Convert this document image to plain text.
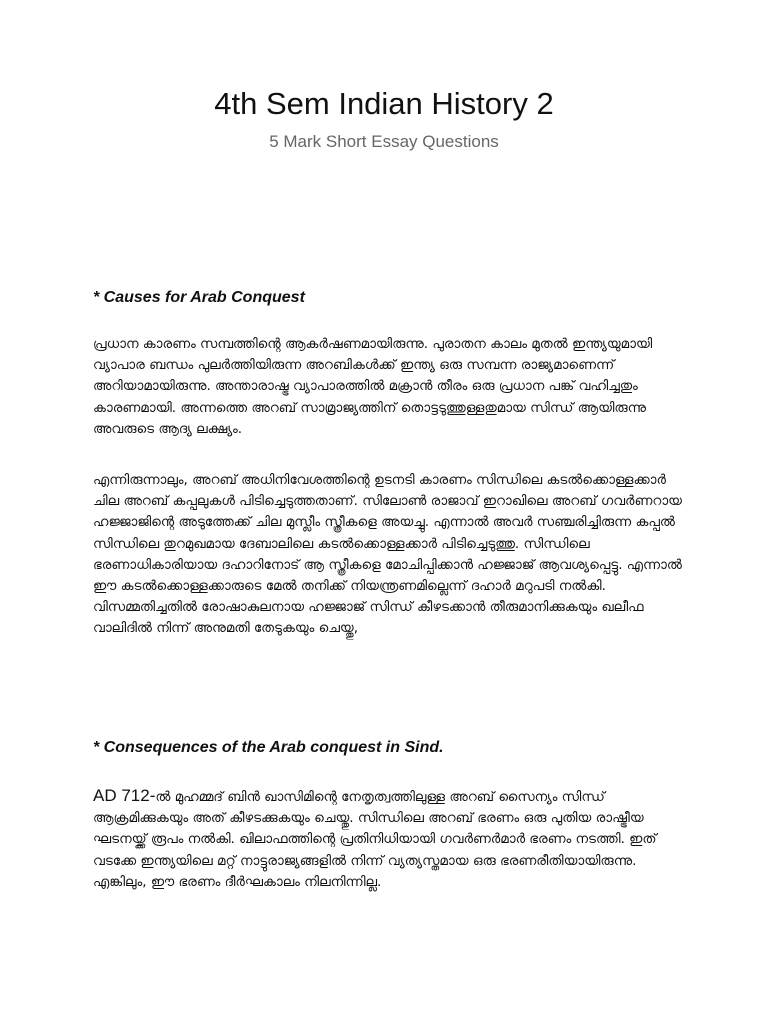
4th Sem Indian History 2
5 Mark Short Essay Questions
* Causes for Arab Conquest

പ്രധാന കാരണം സമ്പത്തിന്റെ ആകർഷണമായിരുന്നു. പുരാതന കാലം മുതൽ ഇന്ത്യയുമായി വ്യാപാര ബന്ധം പുലർത്തിയിരുന്ന അറബികൾക്ക് ഇന്ത്യ ഒരു സമ്പന്ന രാജ്യമാണെന്ന് അറിയാമായിരുന്നു. അന്താരാഷ്ട്ര വ്യാപാരത്തിൽ മക്രാൻ തീരം ഒരു പ്രധാന പങ്ക് വഹിച്ചതും കാരണമായി. അന്നത്തെ അറബ് സാമ്രാജ്യത്തിന് തൊട്ടടുത്തുള്ളതുമായ സിന്ധ് ആയിരുന്നു അവരുടെ ആദ്യ ലക്ഷ്യം.

എന്നിരുന്നാലും, അറബ് അധിനിവേശത്തിന്റെ ഉടനടി കാരണം സിന്ധിലെ കടൽക്കൊള്ളക്കാർ ചില അറബ് കപ്പലുകൾ പിടിച്ചെടുത്തതാണ്. സിലോൺ രാജാവ് ഇറാഖിലെ അറബ് ഗവർണറായ ഹജ്ജാജിന്റെ അടുത്തേക്ക് ചില മുസ്ലീം സ്ത്രീകളെ അയച്ചു. എന്നാൽ അവർ സഞ്ചരിച്ചിരുന്ന കപ്പൽ സിന്ധിലെ തുറമുഖമായ ദേബാലിലെ കടൽക്കൊള്ളക്കാർ പിടിച്ചെടുത്തു. സിന്ധിലെ ഭരണാധികാരിയായ ദഹാറിനോട് ആ സ്ത്രീകളെ മോചിപ്പിക്കാൻ ഹജ്ജാജ് ആവശ്യപ്പെട്ടു. എന്നാൽ ഈ കടൽക്കൊള്ളക്കാരുടെ മേൽ തനിക്ക് നിയന്ത്രണമില്ലെന്ന് ദഹാർ മറുപടി നൽകി. വിസമ്മതിച്ചതിൽ രോഷാകുലനായ ഹജ്ജാജ് സിന്ധ് കീഴടക്കാൻ തീരുമാനിക്കുകയും ഖലീഫ വാലിദിൽ നിന്ന് അനുമതി തേടുകയും ചെയ്തു,

* Consequences of the Arab conquest in Sind.

AD 712-ൽ മുഹമ്മദ് ബിൻ ഖാസിമിന്റെ നേതൃത്വത്തിലുള്ള അറബ് സൈന്യം സിന്ധ് ആക്രമിക്കുകയും അത് കീഴടക്കുകയും ചെയ്തു. സിന്ധിലെ അറബ് ഭരണം ഒരു പുതിയ രാഷ്ട്രീയ ഘടനയ്ക്ക് രൂപം നൽകി. ഖിലാഫത്തിന്റെ പ്രതിനിധിയായി ഗവർണർമാർ ഭരണം നടത്തി. ഇത് വടക്കേ ഇന്ത്യയിലെ മറ്റ് നാട്ടുരാജ്യങ്ങളിൽ നിന്ന് വ്യത്യസ്തമായ ഒരു ഭരണരീതിയായിരുന്നു. എങ്കിലും, ഈ ഭരണം ദീർഘകാലം നിലനിന്നില്ല.
